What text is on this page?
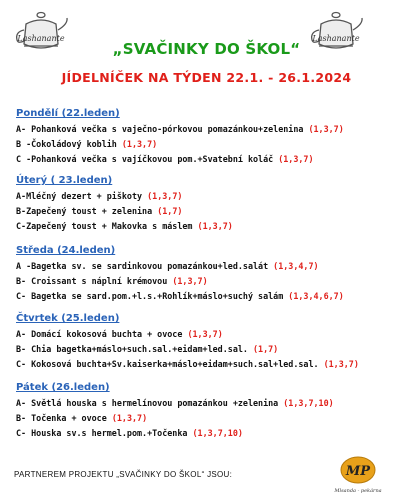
Lashanante	Lashanante
„SVAČINKY DO ŠKOL“
JÍDELNÍČEK NA TÝDEN 22.1. - 26.1.2024
Pondělí (22.leden)
A- Pohanková večka s vaječno-pórkovou pomazánkou+zelenina (1,3,7)
B -Čokoládový koblih (1,3,7)
C -Pohanková večka s vajíčkovou pom.+Svatební koláč (1,3,7)
Úterý ( 23.leden)
A-Mléčný dezert + piškoty (1,3,7)
B-Zapečený toust + zelenina (1,7)
C-Zapečený toust + Makovka s máslem (1,3,7)
Středa (24.leden)
A -Bagetka sv. se sardinkovou pomazánkou+led.salát (1,3,4,7)
B- Croissant s náplní krémovou (1,3,7)
C- Bagetka se sard.pom.+l.s.+Rohlík+máslo+suchý salám (1,3,4,6,7)
Čtvrtek (25.leden)
A- Domácí kokosová buchta + ovoce (1,3,7)
B- Chia bagetka+máslo+such.sal.+eidam+led.sal. (1,7)
C- Kokosová buchta+Sv.kaiserka+máslo+eidam+such.sal+led.sal. (1,3,7)
Pátek (26.leden)
A- Světlá houska s hermelínovou pomazánkou +zelenina (1,3,7,10)
B- Točenka + ovoce (1,3,7)
C- Houska sv.s hermel.pom.+Točenka (1,3,7,10)
PARTNEREM PROJEKTU „SVAČINKY DO ŠKOL“ JSOU:	MP
Mlsanda - pekárna
